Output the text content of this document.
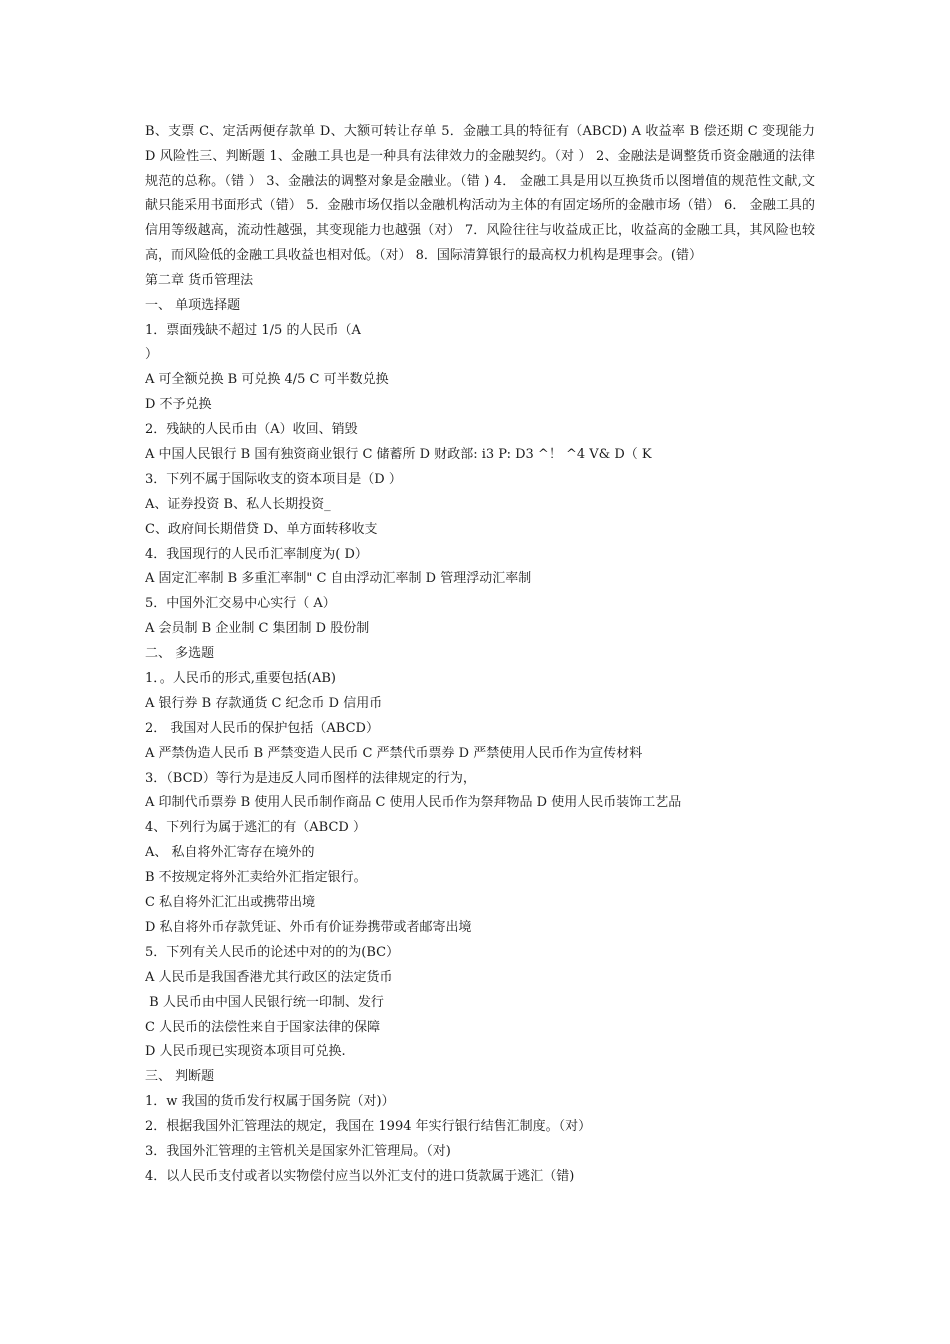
B、支票 C、定活两便存款单 D、大额可转让存单 5．金融工具的特征有（ABCD) A 收益率 B 偿还期 C 变现能力 D 风险性三、判断题 1、金融工具也是一种具有法律效力的金融契约。（对 ） 2、金融法是调整货币资金融通的法律规范的总称。（错 ） 3、金融法的调整对象是金融业。（错 ) 4． 金融工具是用以互换货币以图增值的规范性文献,文献只能采用书面形式（错） 5．金融市场仅指以金融机构活动为主体的有固定场所的金融市场（错） 6． 金融工具的信用等级越高，流动性越强，其变现能力也越强（对） 7．风险往往与收益成正比，收益高的金融工具，其风险也较高，而风险低的金融工具收益也相对低。（对） 8．国际清算银行的最高权力机构是理事会。(错）

第二章 货币管理法

一、 单项选择题

1．票面残缺不超过 1/5 的人民币（A

）

A 可全额兑换 B 可兑换 4/5 C 可半数兑换

D 不予兑换

2．残缺的人民币由（A）收回、销毁

A 中国人民银行 B 国有独资商业银行 C 储蓄所 D 财政部: i3 P: D3 ^！ ^4 V& D（ K

3．下列不属于国际收支的资本项目是（D ）

A、证券投资 B、私人长期投资_

C、政府间长期借贷 D、单方面转移收支

4．我国现行的人民币汇率制度为( D）

A 固定汇率制 B 多重汇率制" C 自由浮动汇率制 D 管理浮动汇率制

5．中国外汇交易中心实行（ A）

A 会员制 B 企业制 C 集团制 D 股份制

二、 多选题

1．。人民币的形式,重要包括(AB)

A 银行券 B 存款通货 C 纪念币 D 信用币

2． 我国对人民币的保护包括（ABCD）

A 严禁伪造人民币 B 严禁变造人民币 C 严禁代币票券 D 严禁使用人民币作为宣传材料

3．（BCD）等行为是违反人同币图样的法律规定的行为，

A 印制代币票券 B 使用人民币制作商品 C 使用人民币作为祭拜物品 D 使用人民币装饰工艺品

4、下列行为属于逃汇的有（ABCD ）

A、 私自将外汇寄存在境外的

B 不按规定将外汇卖给外汇指定银行。

C 私自将外汇汇出或携带出境

D 私自将外币存款凭证、外币有价证券携带或者邮寄出境

5．下列有关人民币的论述中对的的为(BC）

A 人民币是我国香港尤其行政区的法定货币

B 人民币由中国人民银行统一印制、发行

C 人民币的法偿性来自于国家法律的保障

D 人民币现已实现资本项目可兑换.

三、 判断题

1．w 我国的货币发行权属于国务院（对)）

2．根据我国外汇管理法的规定，我国在 1994 年实行银行结售汇制度。（对）

3．我国外汇管理的主管机关是国家外汇管理局。（对)

4．以人民币支付或者以实物偿付应当以外汇支付的进口货款属于逃汇（错)
